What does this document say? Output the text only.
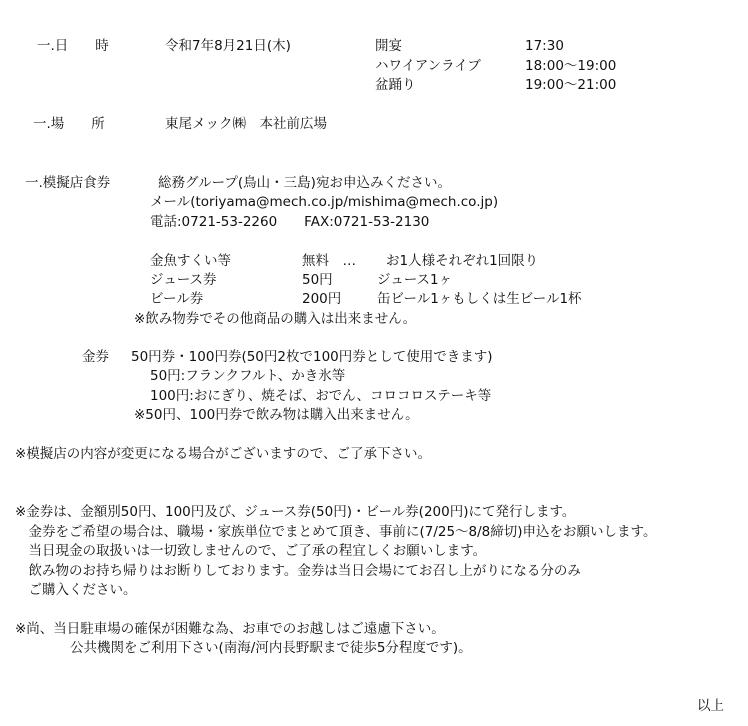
一.日　　時	令和7年8月21日(木)	開宴	17:30
ハワイアンライブ	18:00～19:00
盆踊り	19:00～21:00
一.場　　所	東尾メック㈱　本社前広場
一.模擬店食券	総務グループ(鳥山・三島)宛お申込みください。
メール(toriyama@mech.co.jp/mishima@mech.co.jp)
電話:0721-53-2260　　FAX:0721-53-2130
金魚すくい等	無料　… お1人様それぞれ1回限り
ジュース券	50円	ジュース1ヶ
ビール券	200円	缶ビール1ヶもしくは生ビール1杯
※飲み物券でその他商品の購入は出来ません。
金券 50円券・100円券(50円2枚で100円券として使用できます)
50円:フランクフルト、かき氷等
100円:おにぎり、焼そば、おでん、コロコロステーキ等
※50円、100円券で飲み物は購入出来ません。
※模擬店の内容が変更になる場合がございますので、ご了承下さい。
※金券は、金額別50円、100円及び、ジュース券(50円)・ビール券(200円)にて発行します。
　金券をご希望の場合は、職場・家族単位でまとめて頂き、事前に(7/25～8/8締切)申込をお願いします。
　当日現金の取扱いは一切致しませんので、ご了承の程宜しくお願いします。
　飲み物のお持ち帰りはお断りしております。金券は当日会場にてお召し上がりになる分のみ
　ご購入ください。
※尚、当日駐車場の確保が困難な為、お車でのお越しはご遠慮下さい。
公共機関をご利用下さい(南海/河内長野駅まで徒歩5分程度です)。
以上
